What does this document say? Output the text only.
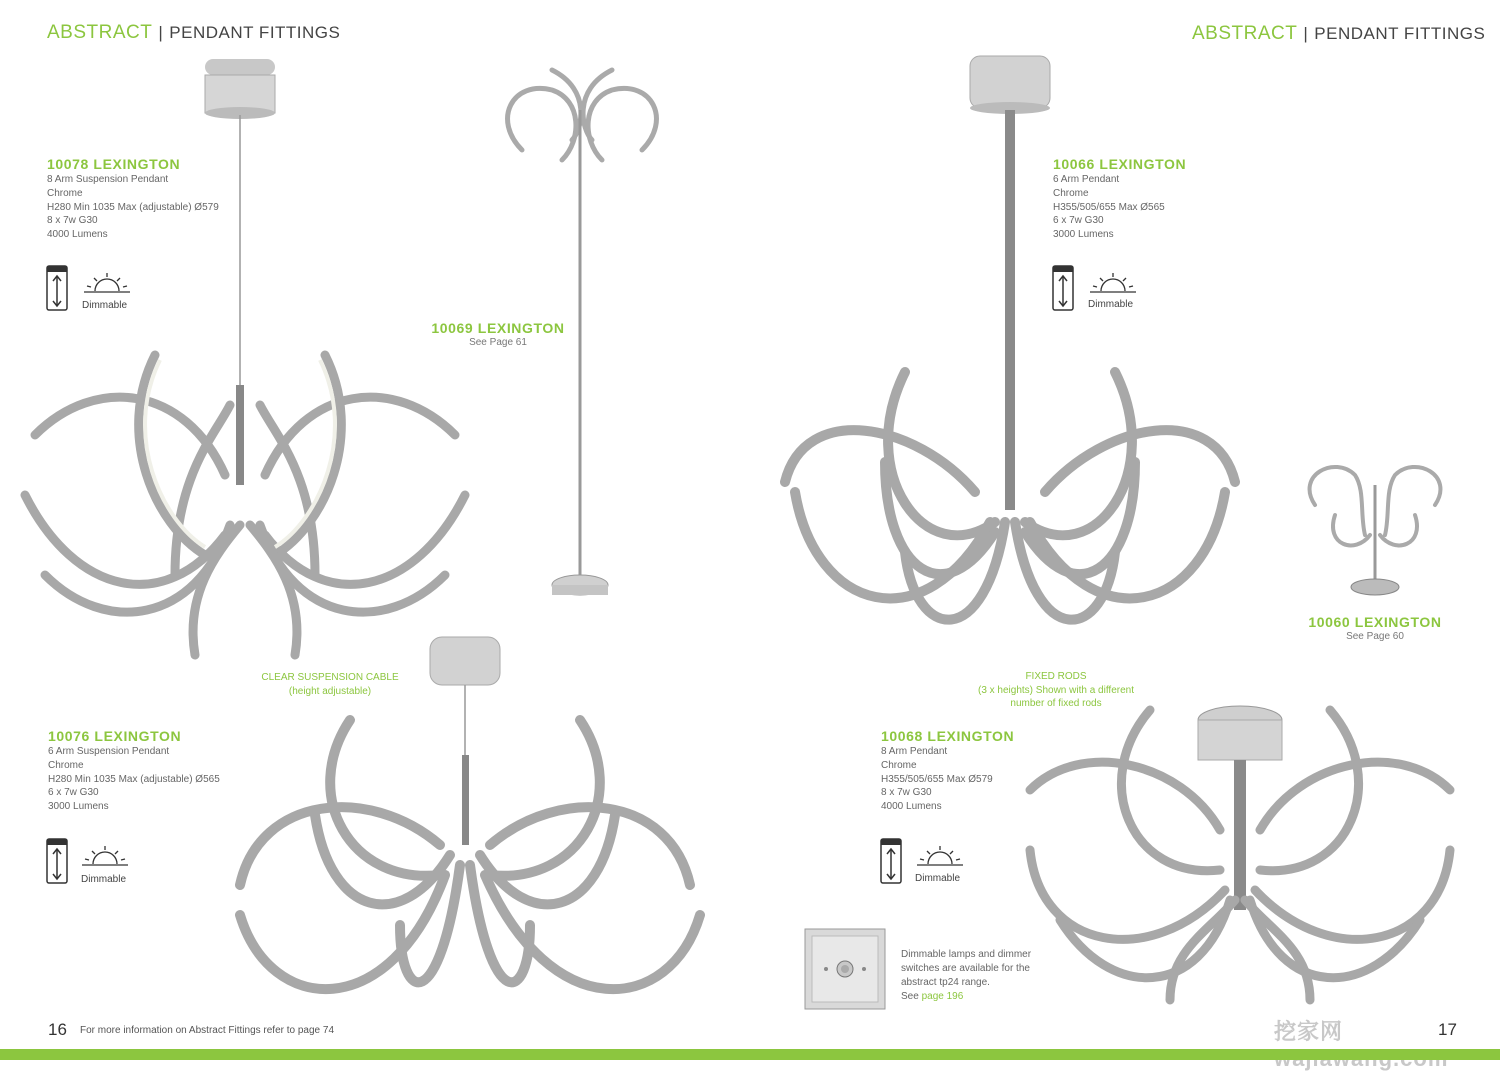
ABSTRACT | PENDANT FITTINGS	ABSTRACT | PENDANT FITTINGS
10078 LEXINGTON
8 Arm Suspension Pendant
Chrome
H280 Min 1035 Max (adjustable) Ø579
8 x 7w G30
4000 Lumens
10069 LEXINGTON
See Page 61
10066 LEXINGTON
6 Arm Pendant
Chrome
H355/505/655 Max Ø565
6 x 7w G30
3000 Lumens
10060 LEXINGTON
See Page 60
10076 LEXINGTON
6 Arm Suspension Pendant
Chrome
H280 Min 1035 Max (adjustable) Ø565
6 x 7w G30
3000 Lumens
10068 LEXINGTON
8 Arm Pendant
Chrome
H355/505/655 Max Ø579
8 x 7w G30
4000 Lumens
Dimmable	Dimmable
Dimmable	Dimmable
CLEAR SUSPENSION CABLE
(height adjustable)
FIXED RODS
(3 x heights) Shown with a different
number of fixed rods
Dimmable lamps and dimmer
switches are available for the
abstract tp24 range.
See page 196
16 For more information on Abstract Fittings refer to page 74	17
挖家网
